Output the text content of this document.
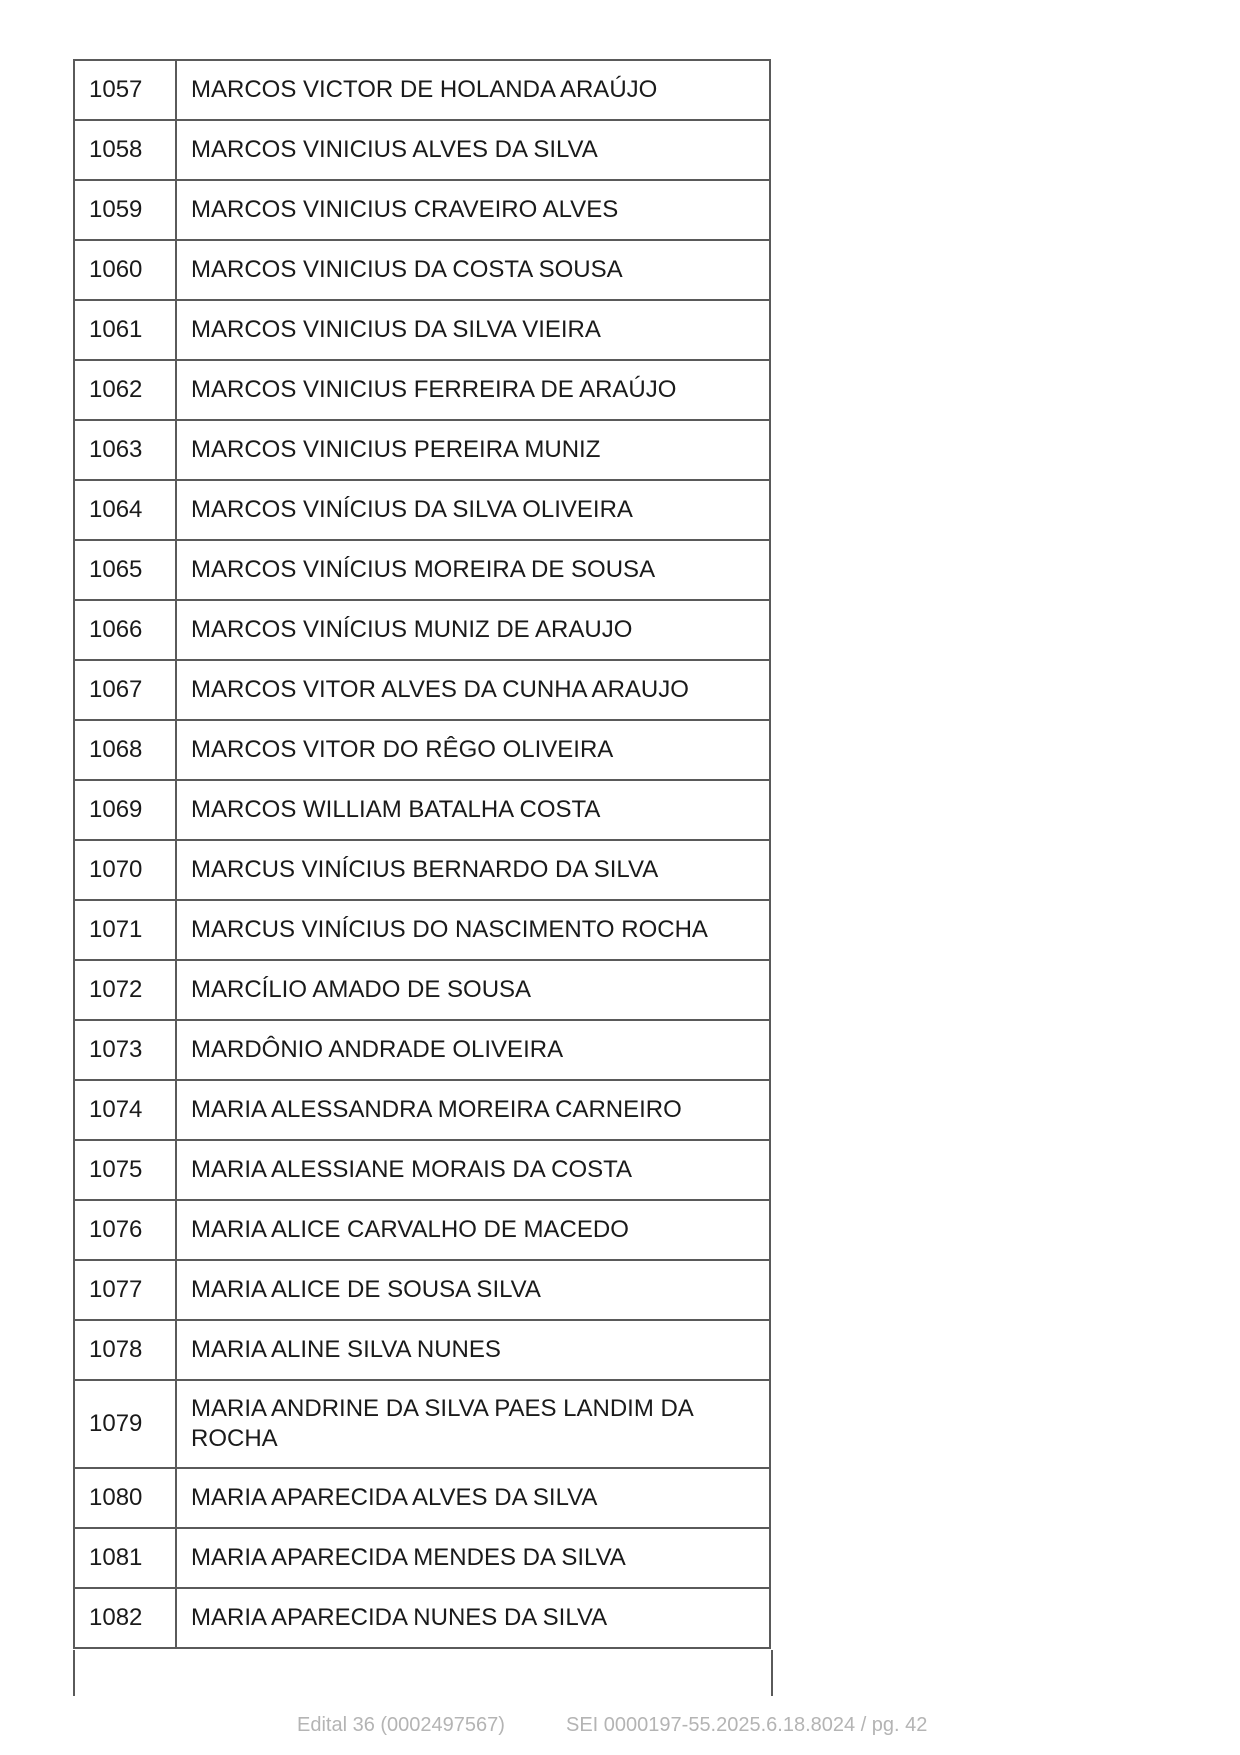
1057	MARCOS VICTOR DE HOLANDA ARAÚJO
1058	MARCOS VINICIUS ALVES DA SILVA
1059	MARCOS VINICIUS CRAVEIRO ALVES
1060	MARCOS VINICIUS DA COSTA SOUSA
1061	MARCOS VINICIUS DA SILVA VIEIRA
1062	MARCOS VINICIUS FERREIRA DE ARAÚJO
1063	MARCOS VINICIUS PEREIRA MUNIZ
1064	MARCOS VINÍCIUS DA SILVA OLIVEIRA
1065	MARCOS VINÍCIUS MOREIRA DE SOUSA
1066	MARCOS VINÍCIUS MUNIZ DE ARAUJO
1067	MARCOS VITOR ALVES DA CUNHA ARAUJO
1068	MARCOS VITOR DO RÊGO OLIVEIRA
1069	MARCOS WILLIAM BATALHA COSTA
1070	MARCUS VINÍCIUS BERNARDO DA SILVA
1071	MARCUS VINÍCIUS DO NASCIMENTO ROCHA
1072	MARCÍLIO AMADO DE SOUSA
1073	MARDÔNIO ANDRADE OLIVEIRA
1074	MARIA ALESSANDRA MOREIRA CARNEIRO
1075	MARIA ALESSIANE MORAIS DA COSTA
1076	MARIA ALICE CARVALHO DE MACEDO
1077	MARIA ALICE DE SOUSA SILVA
1078	MARIA ALINE SILVA NUNES
1079	MARIA ANDRINE DA SILVA PAES LANDIM DA ROCHA
1080	MARIA APARECIDA ALVES DA SILVA
1081	MARIA APARECIDA MENDES DA SILVA
1082	MARIA APARECIDA NUNES DA SILVA
Edital 36 (0002497567)	SEI 0000197-55.2025.6.18.8024 / pg. 42
